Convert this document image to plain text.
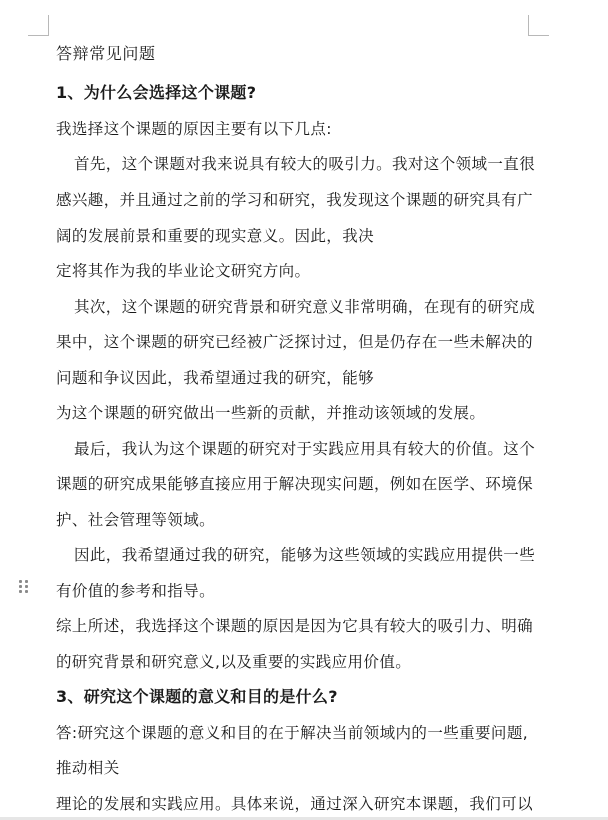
答辩常见问题
1、为什么会选择这个课题?
我选择这个课题的原因主要有以下几点:
首先，这个课题对我来说具有较大的吸引力。我对这个领域一直很
感兴趣，并且通过之前的学习和研究，我发现这个课题的研究具有广
阔的发展前景和重要的现实意义。因此，我决
定将其作为我的毕业论文研究方向。
其次，这个课题的研究背景和研究意义非常明确，在现有的研究成
果中，这个课题的研究已经被广泛探讨过，但是仍存在一些未解决的
问题和争议因此，我希望通过我的研究，能够
为这个课题的研究做出一些新的贡献，并推动该领域的发展。
最后，我认为这个课题的研究对于实践应用具有较大的价值。这个
课题的研究成果能够直接应用于解决现实问题，例如在医学、环境保
护、社会管理等领域。
因此，我希望通过我的研究，能够为这些领域的实践应用提供一些
有价值的参考和指导。
综上所述，我选择这个课题的原因是因为它具有较大的吸引力、明确
的研究背景和研究意义,以及重要的实践应用价值。
3、研究这个课题的意义和目的是什么?
答:研究这个课题的意义和目的在于解决当前领域内的一些重要问题,
推动相关
理论的发展和实践应用。具体来说，通过深入研究本课题，我们可以
